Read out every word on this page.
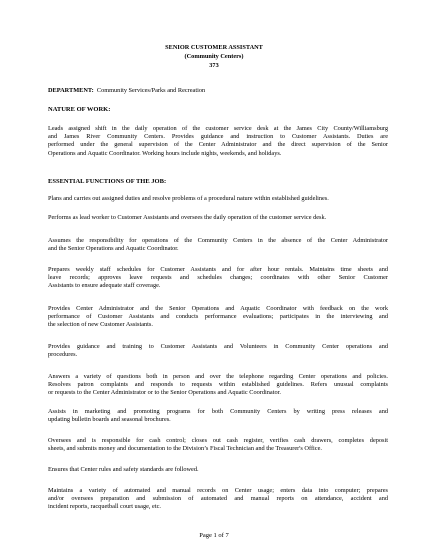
SENIOR CUSTOMER ASSISTANT
(Community Centers)
373
DEPARTMENT: Community Services/Parks and Recreation
NATURE OF WORK:
Leads assigned shift in the daily operation of the customer service desk at the James City County/Williamsburg
and James River Community Centers. Provides guidance and instruction to Customer Assistants. Duties are
performed under the general supervision of the Center Administrator and the direct supervision of the Senior
Operations and Aquatic Coordinator. Working hours include nights, weekends, and holidays.
ESSENTIAL FUNCTIONS OF THE JOB:
Plans and carries out assigned duties and resolve problems of a procedural nature within established guidelines.
Performs as lead worker to Customer Assistants and oversees the daily operation of the customer service desk.
Assumes the responsibility for operations of the Community Centers in the absence of the Center Administrator
and the Senior Operations and Aquatic Coordinator.
Prepares weekly staff schedules for Customer Assistants and for after hour rentals. Maintains time sheets and
leave records; approves leave requests and schedules changes; coordinates with other Senior Customer
Assistants to ensure adequate staff coverage.
Provides Center Administrator and the Senior Operations and Aquatic Coordinator with feedback on the work
performance of Customer Assistants and conducts performance evaluations; participates in the interviewing and
the selection of new Customer Assistants.
Provides guidance and training to Customer Assistants and Volunteers in Community Center operations and
procedures.
Answers a variety of questions both in person and over the telephone regarding Center operations and policies.
Resolves patron complaints and responds to requests within established guidelines. Refers unusual complaints
or requests to the Center Administrator or to the Senior Operations and Aquatic Coordinator.
Assists in marketing and promoting programs for both Community Centers by writing press releases and
updating bulletin boards and seasonal brochures.
Oversees and is responsible for cash control; closes out cash register, verifies cash drawers, completes deposit
sheets, and submits money and documentation to the Division’s Fiscal Technician and the Treasurer's Office.
Ensures that Center rules and safety standards are followed.
Maintains a variety of automated and manual records on Center usage; enters data into computer; prepares
and/or oversees preparation and submission of automated and manual reports on attendance, accident and
incident reports, racquetball court usage, etc.
Page 1 of 7
